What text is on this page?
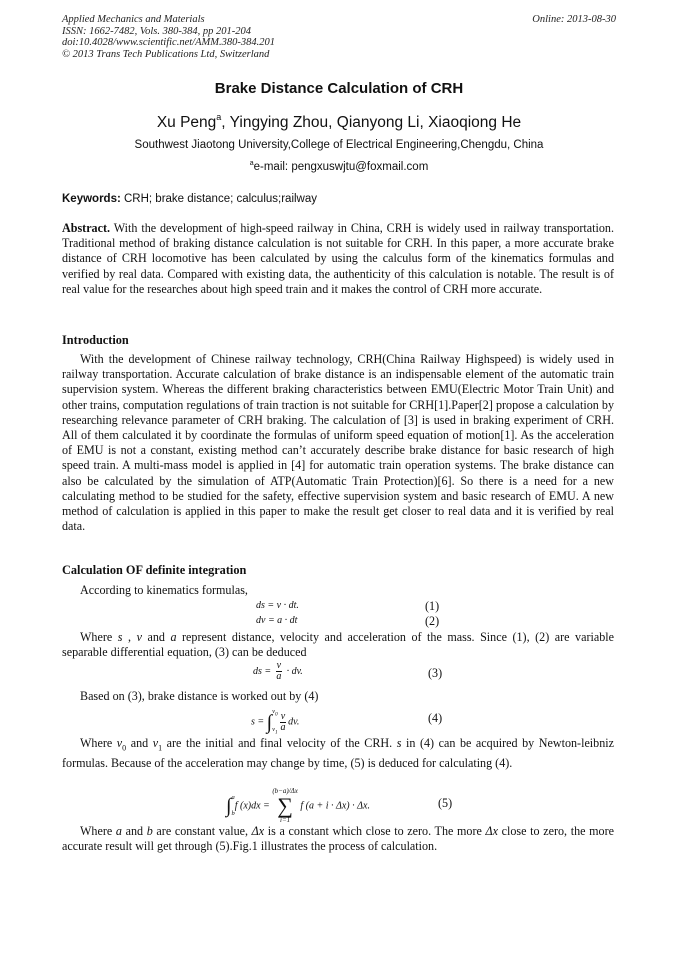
Applied Mechanics and Materials
ISSN: 1662-7482, Vols. 380-384, pp 201-204
doi:10.4028/www.scientific.net/AMM.380-384.201
© 2013 Trans Tech Publications Ltd, Switzerland
Online: 2013-08-30
Brake Distance Calculation of CRH
Xu Peng$^a$, Yingying Zhou, Qianyong Li, Xiaoqiong He
Southwest Jiaotong University,College of Electrical Engineering,Chengdu, China
$^a$e-mail: pengxuswjtu@foxmail.com
Keywords: CRH; brake distance; calculus;railway
Abstract. With the development of high-speed railway in China, CRH is widely used in railway transportation. Traditional method of braking distance calculation is not suitable for CRH. In this paper, a more accurate brake distance of CRH locomotive has been calculated by using the calculus form of the kinematics formulas and verified by real data. Compared with existing data, the authenticity of this calculation is notable. The result is of real value for the researches about high speed train and it makes the control of CRH more accurate.
Introduction
With the development of Chinese railway technology, CRH(China Railway Highspeed) is widely used in railway transportation. Accurate calculation of brake distance is an indispensable element of the automatic train supervision system. Whereas the different braking characteristics between EMU(Electric Motor Train Unit) and other trains, computation regulations of train traction is not suitable for CRH[1].Paper[2] propose a calculation by researching relevance parameter of CRH braking. The calculation of [3] is used in braking experiment of CRH. All of them calculated it by coordinate the formulas of uniform speed equation of motion[1]. As the acceleration of EMU is not a constant, existing method can’t accurately describe brake distance for basic research of high speed train. A multi-mass model is applied in [4] for automatic train operation systems. The brake distance can also be calculated by the simulation of ATP(Automatic Train Protection)[6]. So there is a need for a new calculating method to be studied for the safety, effective supervision system and basic research of EMU. A new method of calculation is applied in this paper to make the result get closer to real data and it is verified by real data.
Calculation OF definite integration
According to kinematics formulas,
ds = v · dt.	(1)
dv = a · dt	(2)
Where s , v and a represent distance, velocity and acceleration of the mass. Since (1), (2) are variable separable differential equation, (3) can be deduced
ds = $\frac{v}{a}$ · dv.	(3)
Based on (3), brake distance is worked out by (4)
s = ∫ $v_0$
$v_1 \frac{v}{a}$ dv.	(4)
Where $v_0$ and $v_1$ are the initial and final velocity of the CRH. s in (4) can be acquired by Newton-leibniz formulas. Because of the acceleration may change by time, (5) is deduced for calculating (4).
∫ a
b
f (x)dx =
(b−a)/Δx
∑
i=1
f (a + i · Δx) · Δx.	(5)
Where a and b are constant value, Δx is a constant which close to zero. The more Δx close to zero, the more accurate result will get through (5).Fig.1 illustrates the process of calculation.
